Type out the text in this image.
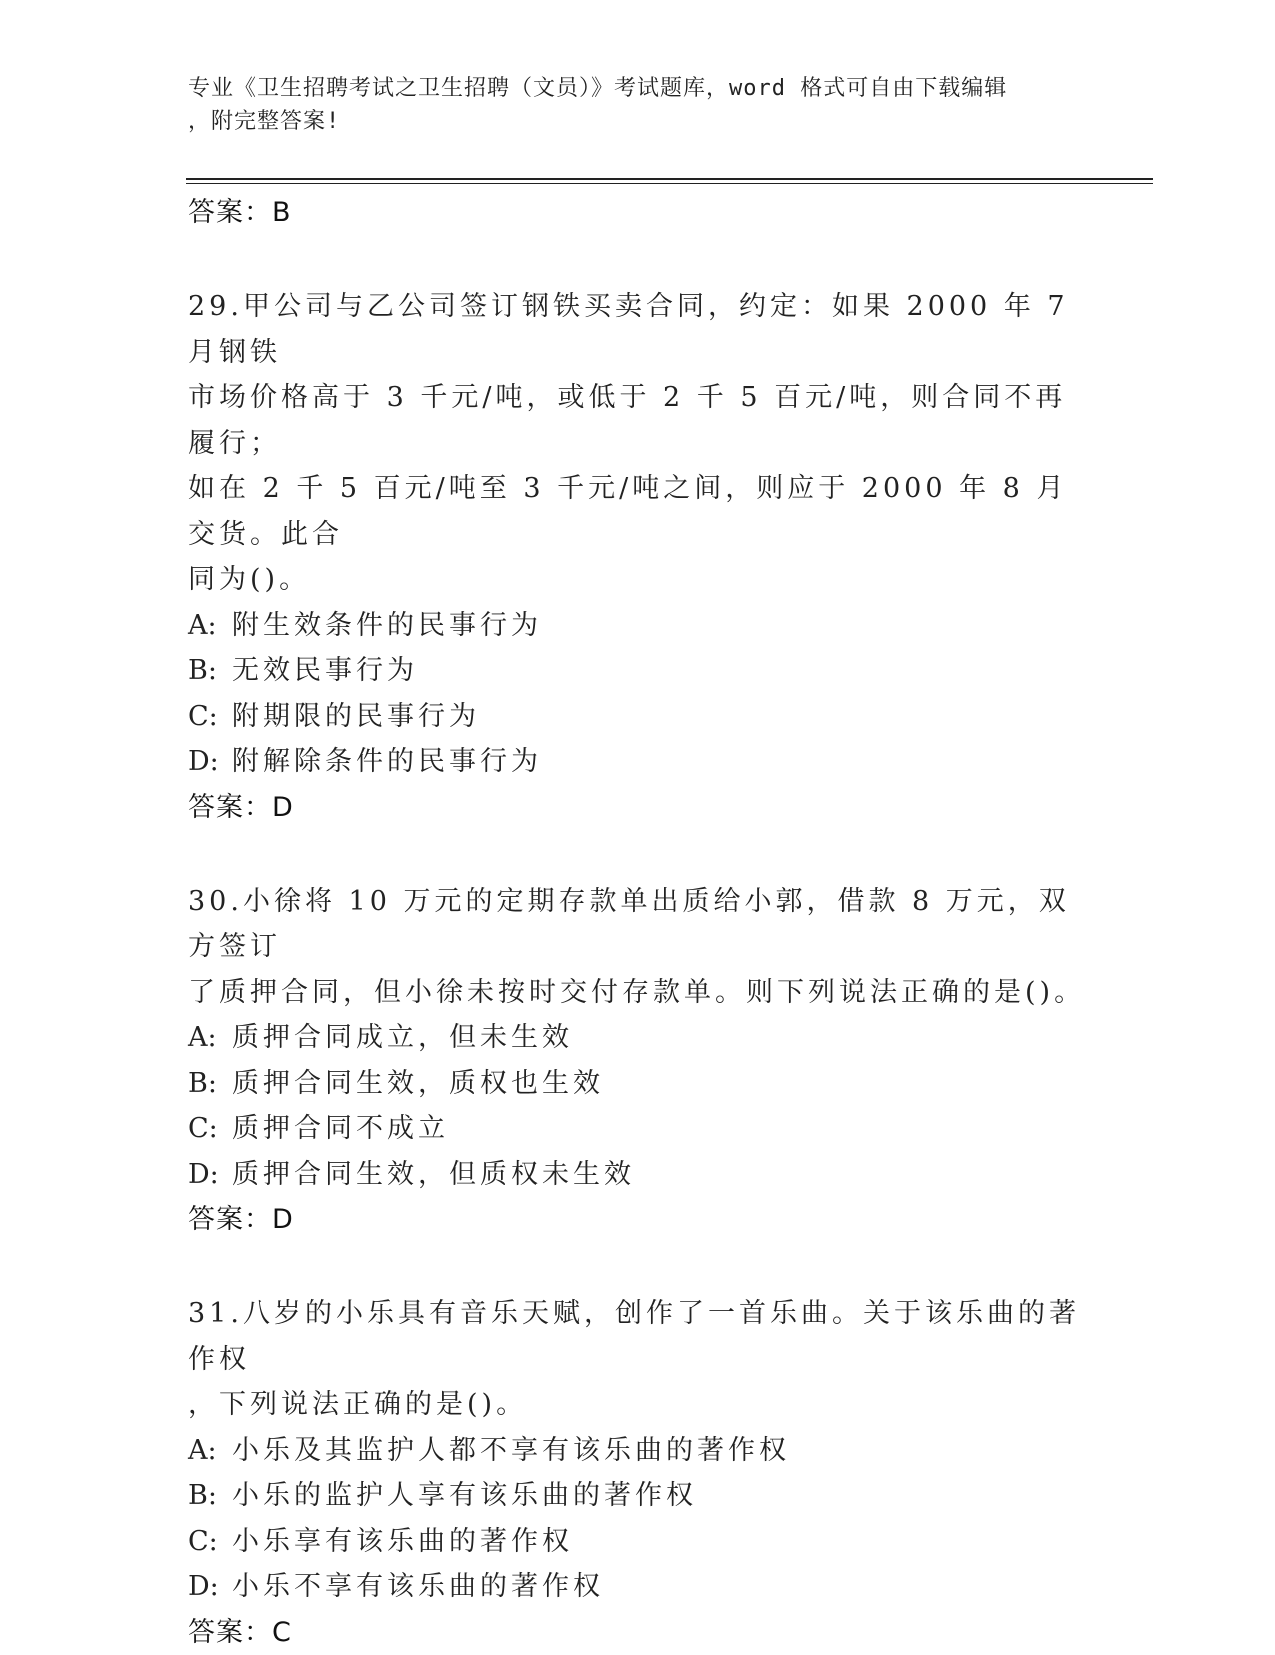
专业《卫生招聘考试之卫生招聘（文员）》考试题库，word 格式可自由下载编辑
，附完整答案!
答案：B
29.甲公司与乙公司签订钢铁买卖合同，约定：如果 2000 年 7 月钢铁
市场价格高于 3 千元/吨，或低于 2 千 5 百元/吨，则合同不再履行；
如在 2 千 5 百元/吨至 3 千元/吨之间，则应于 2000 年 8 月交货。此合
同为()。
A: 附生效条件的民事行为
B: 无效民事行为
C: 附期限的民事行为
D: 附解除条件的民事行为
答案：D
30.小徐将 10 万元的定期存款单出质给小郭，借款 8 万元，双方签订
了质押合同，但小徐未按时交付存款单。则下列说法正确的是()。
A: 质押合同成立，但未生效
B: 质押合同生效，质权也生效
C: 质押合同不成立
D: 质押合同生效，但质权未生效
答案：D
31.八岁的小乐具有音乐天赋，创作了一首乐曲。关于该乐曲的著作权
，下列说法正确的是()。
A: 小乐及其监护人都不享有该乐曲的著作权
B: 小乐的监护人享有该乐曲的著作权
C: 小乐享有该乐曲的著作权
D: 小乐不享有该乐曲的著作权
答案：C
